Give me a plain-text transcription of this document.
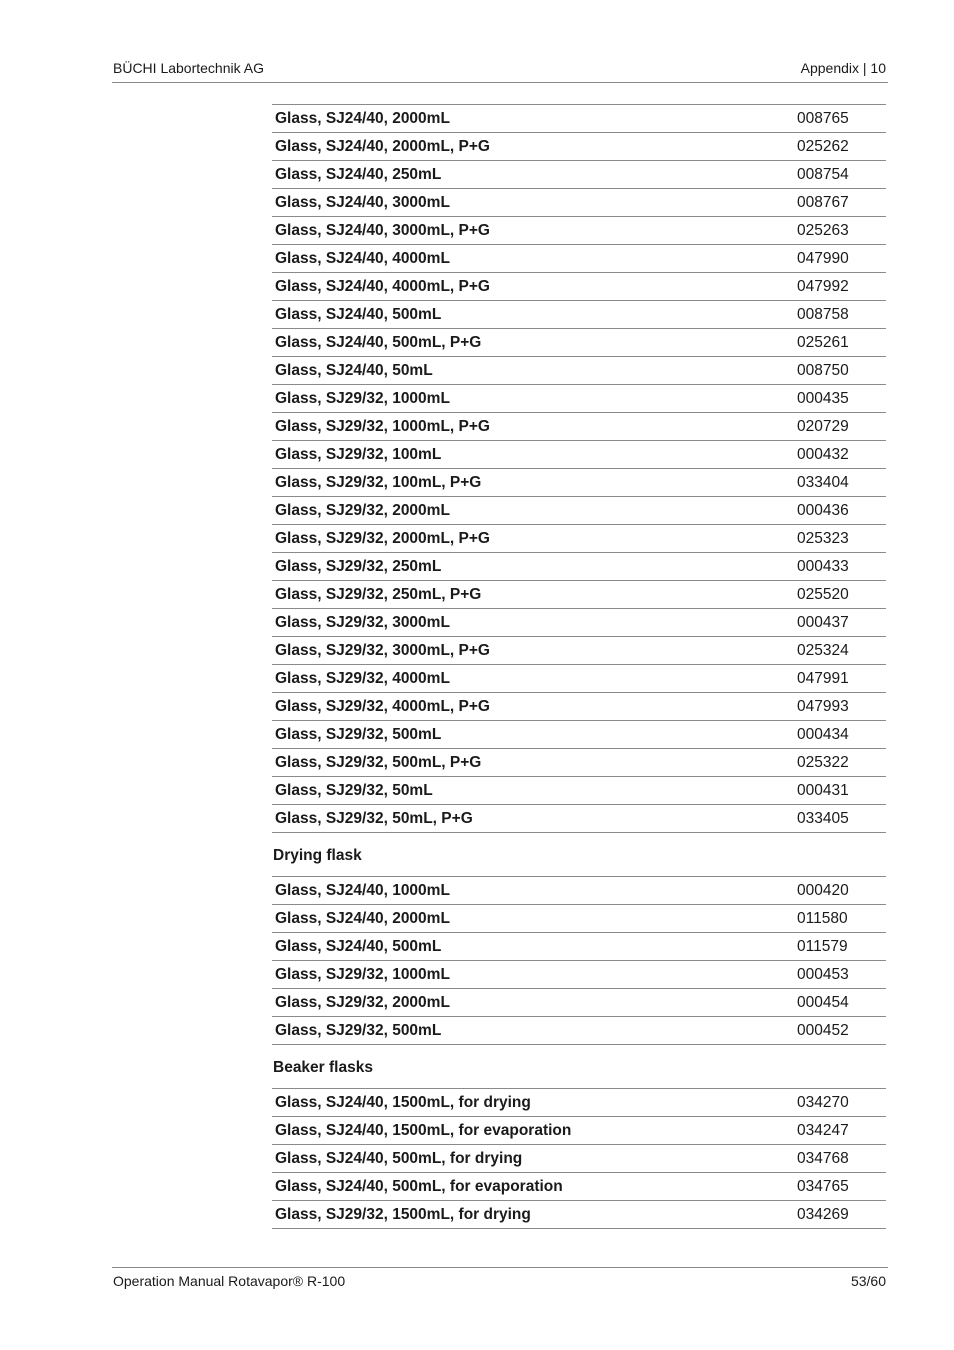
BÜCHI Labortechnik AG	Appendix | 10
Glass, SJ24/40, 2000mL	008765
Glass, SJ24/40, 2000mL, P+G	025262
Glass, SJ24/40, 250mL	008754
Glass, SJ24/40, 3000mL	008767
Glass, SJ24/40, 3000mL, P+G	025263
Glass, SJ24/40, 4000mL	047990
Glass, SJ24/40, 4000mL, P+G	047992
Glass, SJ24/40, 500mL	008758
Glass, SJ24/40, 500mL, P+G	025261
Glass, SJ24/40, 50mL	008750
Glass, SJ29/32, 1000mL	000435
Glass, SJ29/32, 1000mL, P+G	020729
Glass, SJ29/32, 100mL	000432
Glass, SJ29/32, 100mL, P+G	033404
Glass, SJ29/32, 2000mL	000436
Glass, SJ29/32, 2000mL, P+G	025323
Glass, SJ29/32, 250mL	000433
Glass, SJ29/32, 250mL, P+G	025520
Glass, SJ29/32, 3000mL	000437
Glass, SJ29/32, 3000mL, P+G	025324
Glass, SJ29/32, 4000mL	047991
Glass, SJ29/32, 4000mL, P+G	047993
Glass, SJ29/32, 500mL	000434
Glass, SJ29/32, 500mL, P+G	025322
Glass, SJ29/32, 50mL	000431
Glass, SJ29/32, 50mL, P+G	033405
Drying flask
Glass, SJ24/40, 1000mL	000420
Glass, SJ24/40, 2000mL	011580
Glass, SJ24/40, 500mL	011579
Glass, SJ29/32, 1000mL	000453
Glass, SJ29/32, 2000mL	000454
Glass, SJ29/32, 500mL	000452
Beaker flasks
Glass, SJ24/40, 1500mL, for drying	034270
Glass, SJ24/40, 1500mL, for evaporation	034247
Glass, SJ24/40, 500mL, for drying	034768
Glass, SJ24/40, 500mL, for evaporation	034765
Glass, SJ29/32, 1500mL, for drying	034269
Operation Manual Rotavapor® R-100	53/60
